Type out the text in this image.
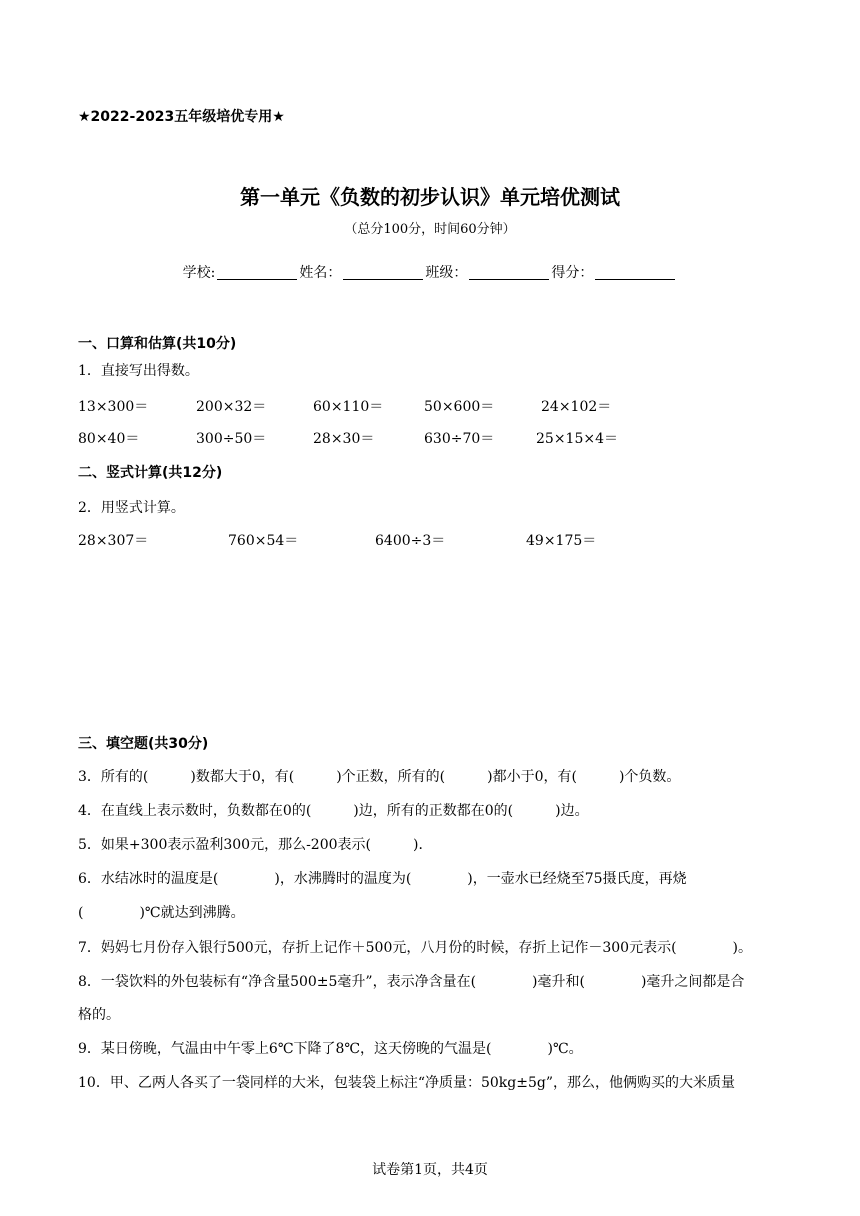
★2022-2023五年级培优专用★
第一单元《负数的初步认识》单元培优测试
（总分100分，时间60分钟）
学校:	姓名：	班级：	得分：
一、口算和估算(共10分)
1．直接写出得数。
13×300＝	200×32＝	60×110＝	50×600＝	24×102＝
80×40＝	300÷50＝	28×30＝	630÷70＝	25×15×4＝
二、竖式计算(共12分)
2．用竖式计算。
28×307＝	760×54＝	6400÷3＝	49×175＝
三、填空题(共30分)
3．所有的(　　　)数都大于0，有(　　　)个正数，所有的(　　　)都小于0，有(　　　)个负数。
4．在直线上表示数时，负数都在0的(　　　)边，所有的正数都在0的(　　　)边。
5．如果+300表示盈利300元，那么-200表示(　　　)．
6．水结冰时的温度是(　　　　)，水沸腾时的温度为(　　　　)，一壶水已经烧至75摄氏度，再烧
(　　　　)℃就达到沸腾。
7．妈妈七月份存入银行500元，存折上记作＋500元，八月份的时候，存折上记作－300元表示(　　　　)。
8．一袋饮料的外包装标有“净含量500±5毫升”，表示净含量在(　　　　)毫升和(　　　　)毫升之间都是合
格的。
9．某日傍晚，气温由中午零上6℃下降了8℃，这天傍晚的气温是(　　　　)℃。
10．甲、乙两人各买了一袋同样的大米，包装袋上标注“净质量：50kg±5g”，那么，他俩购买的大米质量
试卷第1页，共4页
